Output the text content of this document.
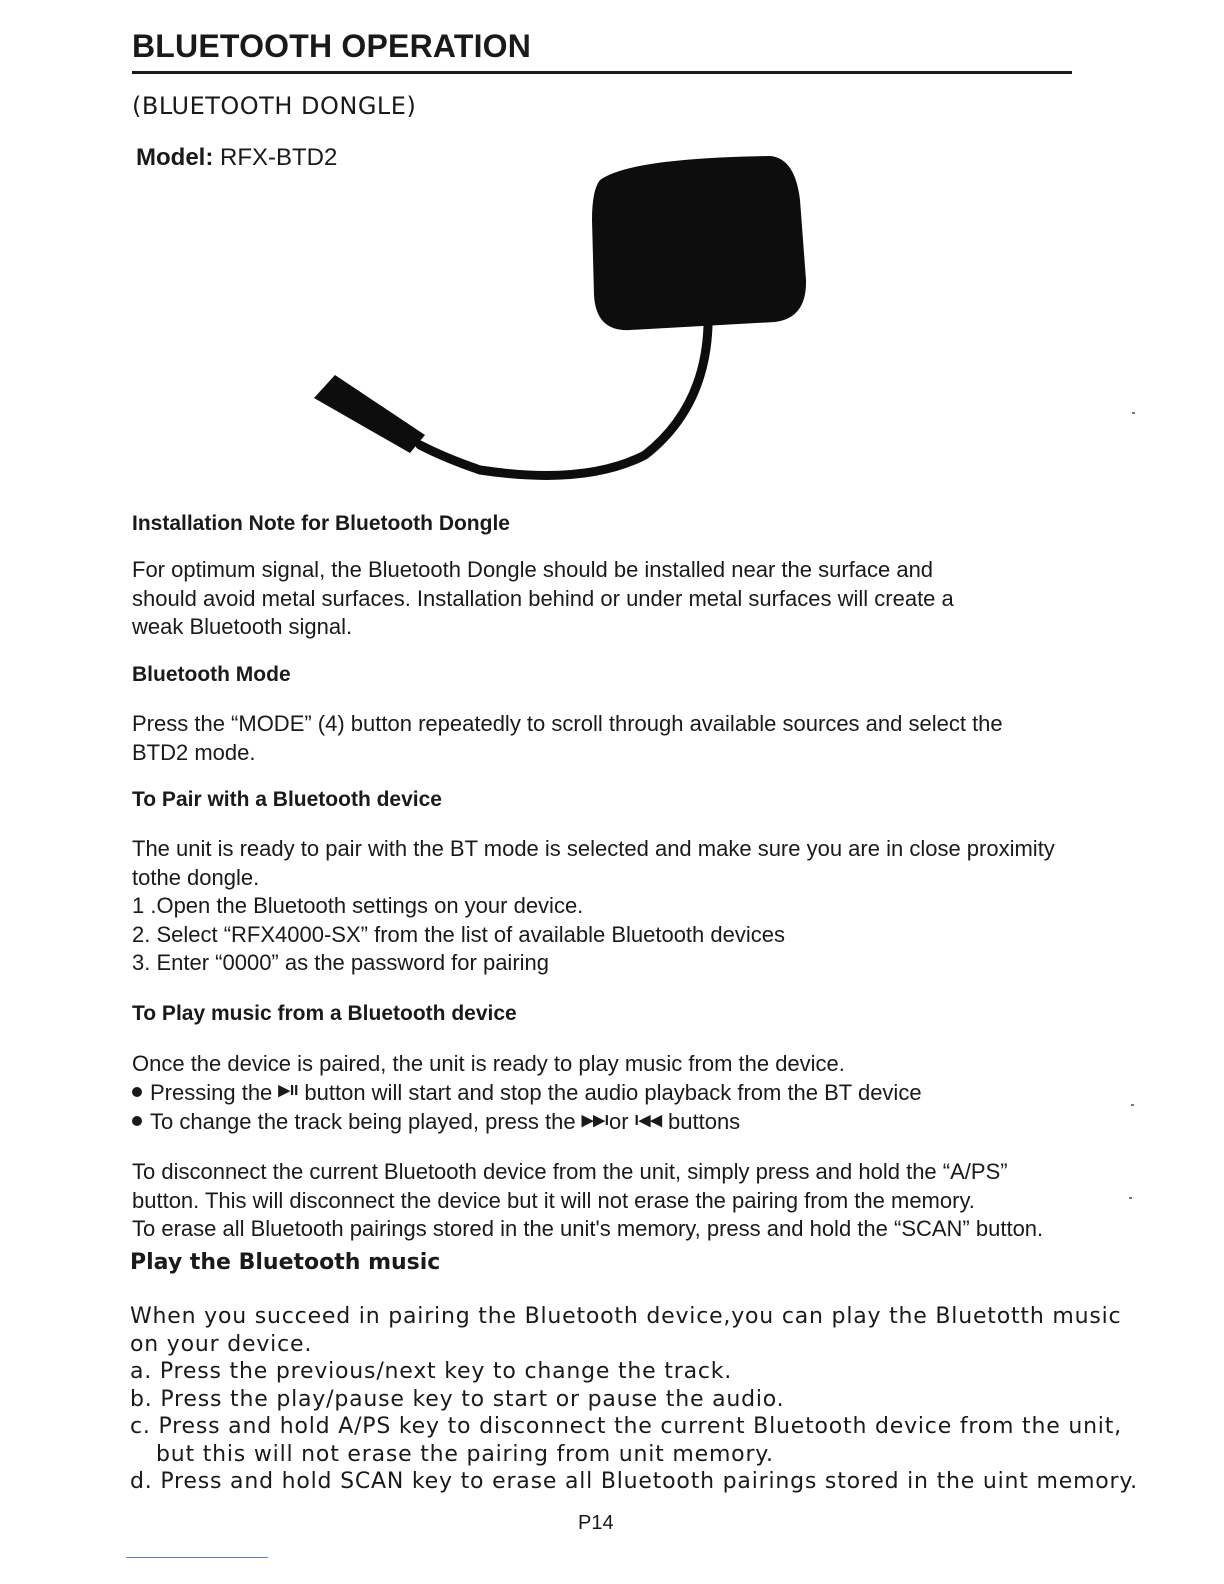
BLUETOOTH OPERATION
(BLUETOOTH DONGLE)
Model: RFX-BTD2
Installation Note for Bluetooth Dongle
For optimum signal, the Bluetooth Dongle should be installed near the surface and
should avoid metal surfaces. Installation behind or under metal surfaces will create a
weak Bluetooth signal.
Bluetooth Mode
Press the “MODE” (4) button repeatedly to scroll through available sources and select the
BTD2 mode.
To Pair with a Bluetooth device
The unit is ready to pair with the BT mode is selected and make sure you are in close proximity
tothe dongle.
1 .Open the Bluetooth settings on your device.
2. Select “RFX4000-SX” from the list of available Bluetooth devices
3. Enter “0000” as the password for pairing
To Play music from a Bluetooth device
Once the device is paired, the unit is ready to play music from the device.
Pressing the ▶II button will start and stop the audio playback from the BT device
To change the track being played, press the ▶▶Ior I◀◀ buttons
To disconnect the current Bluetooth device from the unit, simply press and hold the “A/PS”
button. This will disconnect the device but it will not erase the pairing from the memory.
To erase all Bluetooth pairings stored in the unit's memory, press and hold the “SCAN” button.
Play the Bluetooth music
When you succeed in pairing the Bluetooth device,you can play the Bluetotth music
on your device.
a. Press the previous/next key to change the track.
b. Press the play/pause key to start or pause the audio.
c. Press and hold A/PS key to disconnect the current Bluetooth device from the unit,
but this will not erase the pairing from unit memory.
d. Press and hold SCAN key to erase all Bluetooth pairings stored in the uint memory.
P14
